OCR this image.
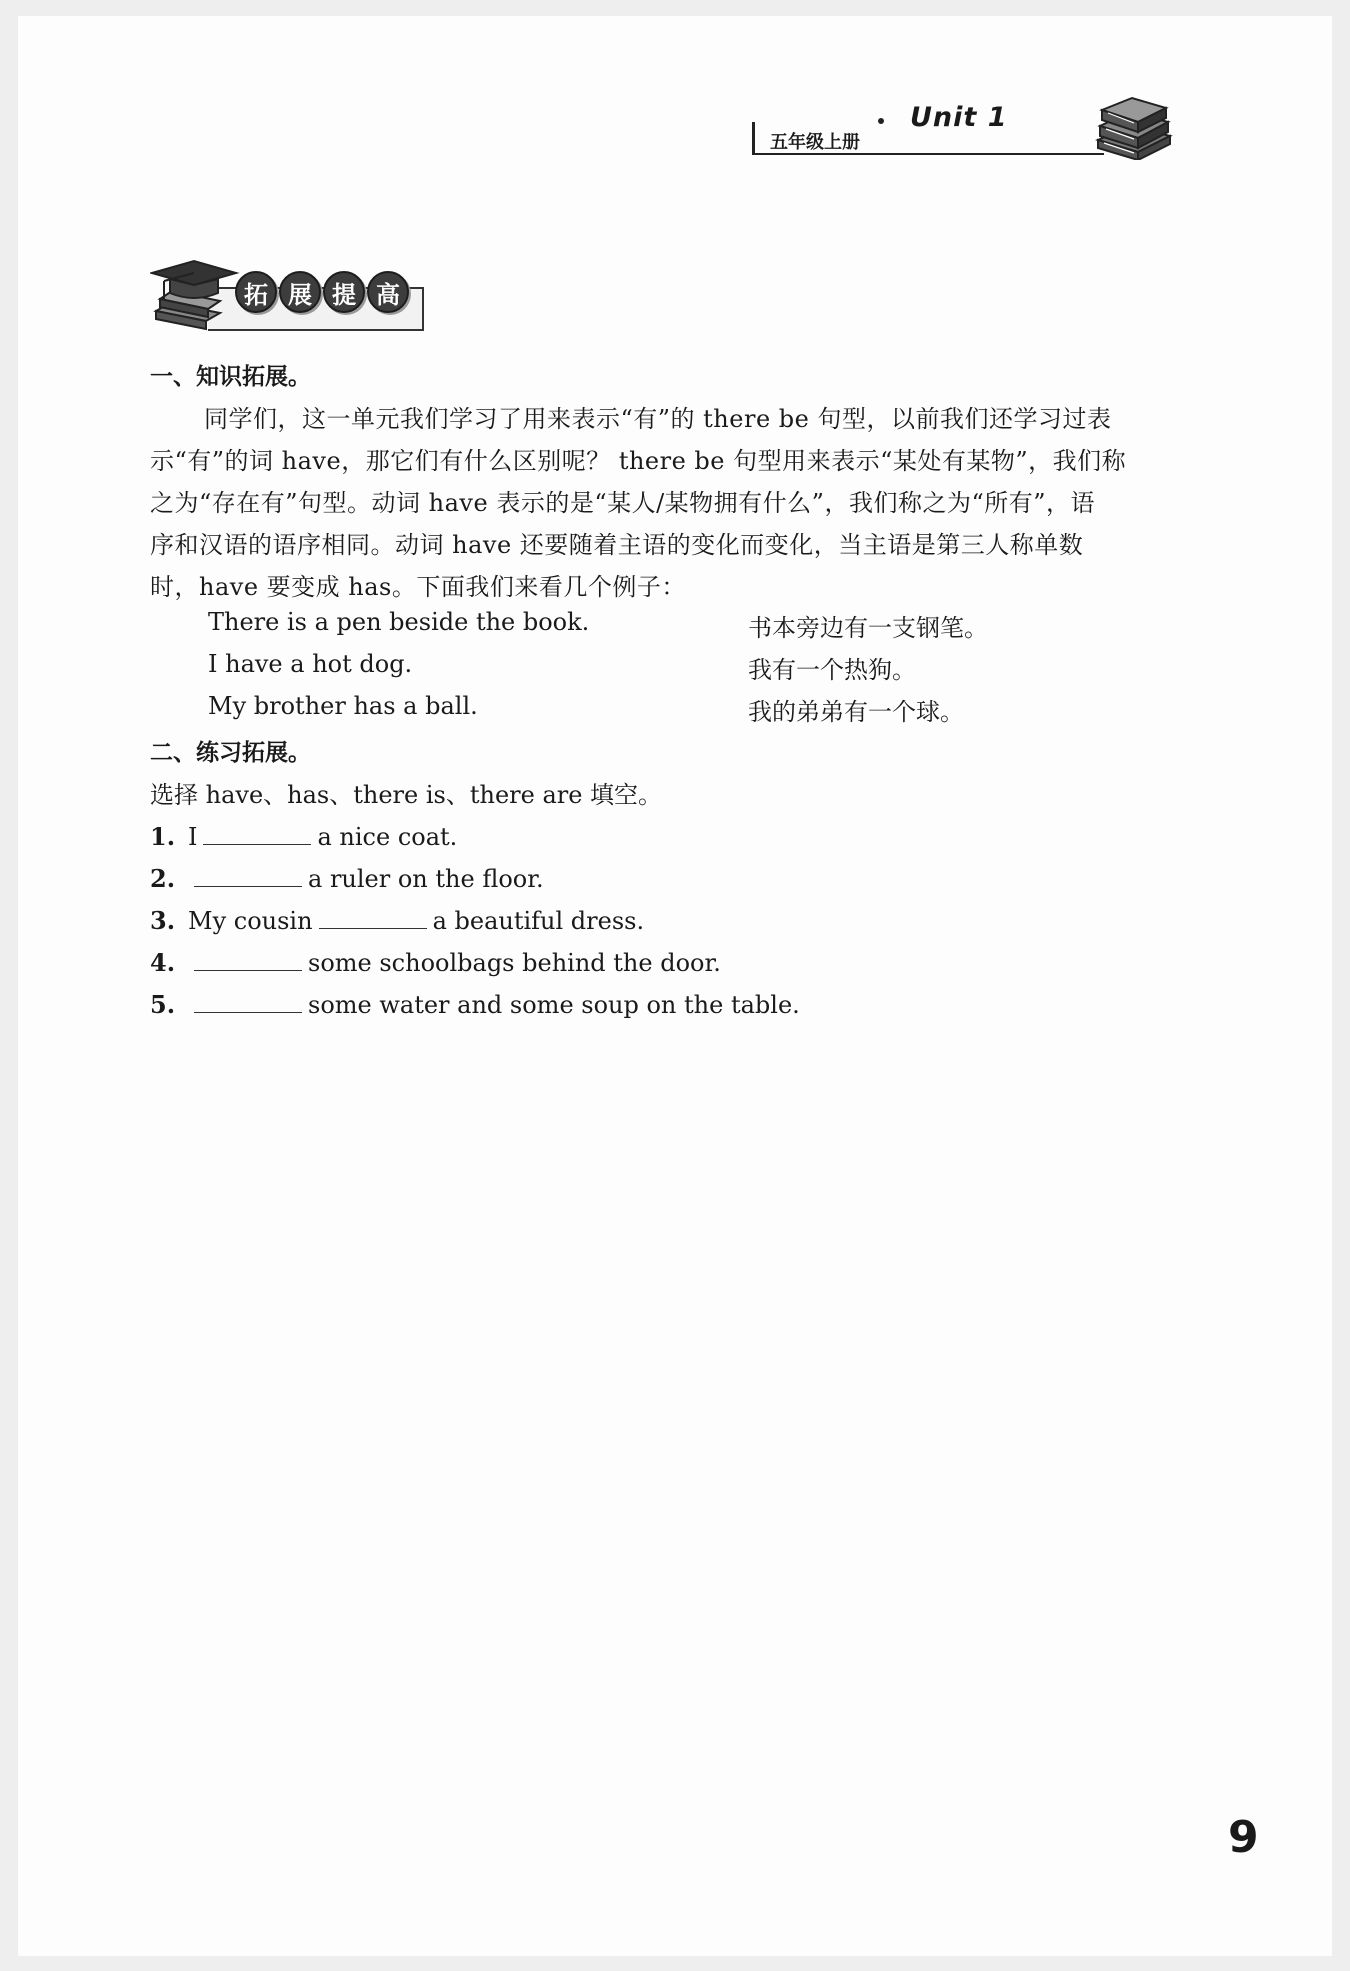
五年级上册
Unit 1
拓 展 提 高
一、知识拓展。
同学们，这一单元我们学习了用来表示“有”的 there be 句型，以前我们还学习过表
示“有”的词 have，那它们有什么区别呢？ there be 句型用来表示“某处有某物”，我们称
之为“存在有”句型。动词 have 表示的是“某人/某物拥有什么”，我们称之为“所有”，语
序和汉语的语序相同。动词 have 还要随着主语的变化而变化，当主语是第三人称单数
时，have 要变成 has。下面我们来看几个例子：
There is a pen beside the book.	书本旁边有一支钢笔。
I have a hot dog.	我有一个热狗。
My brother has a ball.	我的弟弟有一个球。
二、练习拓展。
选择 have、has、there is、there are 填空。
1. I	a nice coat.
2.	a ruler on the floor.
3. My cousin	a beautiful dress.
4.	some schoolbags behind the door.
5.	some water and some soup on the table.
9
